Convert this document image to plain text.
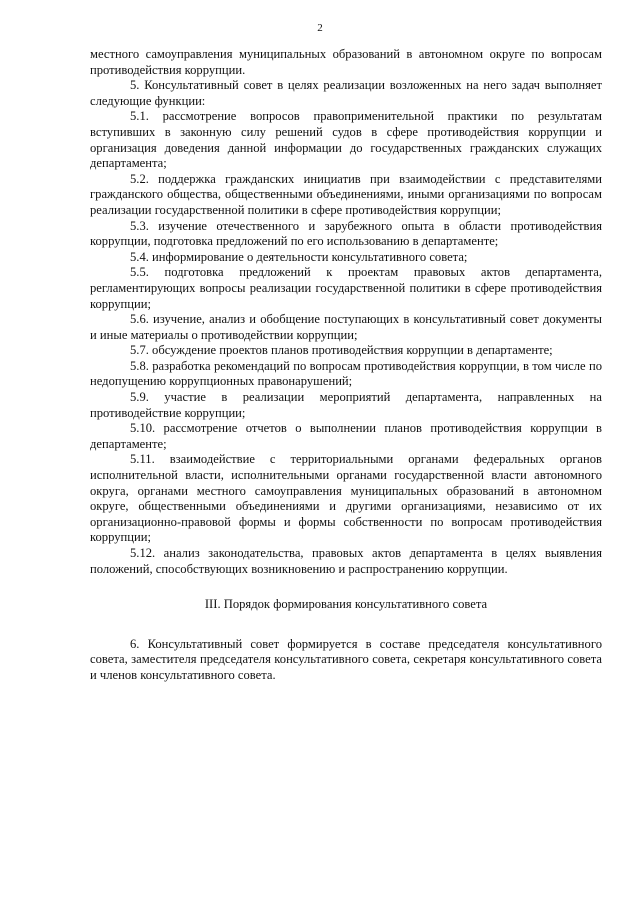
2

местного самоуправления муниципальных образований в автономном округе по вопросам противодействия коррупции.

5. Консультативный совет в целях реализации возложенных на него задач выполняет следующие функции:

5.1. рассмотрение вопросов правоприменительной практики по результатам вступивших в законную силу решений судов в сфере противодействия коррупции и организация доведения данной информации до государственных гражданских служащих департамента;

5.2. поддержка гражданских инициатив при взаимодействии с представителями гражданского общества, общественными объединениями, иными организациями по вопросам реализации государственной политики в сфере противодействия коррупции;

5.3. изучение отечественного и зарубежного опыта в области противодействия коррупции, подготовка предложений по его использованию в департаменте;

5.4. информирование о деятельности консультативного совета;

5.5. подготовка предложений к проектам правовых актов департамента, регламентирующих вопросы реализации государственной политики в сфере противодействия коррупции;

5.6. изучение, анализ и обобщение поступающих в консультативный совет документы и иные материалы о противодействии коррупции;

5.7. обсуждение проектов планов противодействия коррупции в департаменте;

5.8. разработка рекомендаций по вопросам противодействия коррупции, в том числе по недопущению коррупционных правонарушений;

5.9. участие в реализации мероприятий департамента, направленных на противодействие коррупции;

5.10. рассмотрение отчетов о выполнении планов противодействия коррупции в департаменте;

5.11. взаимодействие с территориальными органами федеральных органов исполнительной власти, исполнительными органами государственной власти автономного округа, органами местного самоуправления муниципальных образований в автономном округе, общественными объединениями и другими организациями, независимо от их организационно-правовой формы и формы собственности по вопросам противодействия коррупции;

5.12. анализ законодательства, правовых актов департамента в целях выявления положений, способствующих возникновению и распространению коррупции.

III. Порядок формирования консультативного совета

6. Консультативный совет формируется в составе председателя консультативного совета, заместителя председателя консультативного совета, секретаря консультативного совета и членов консультативного совета.
